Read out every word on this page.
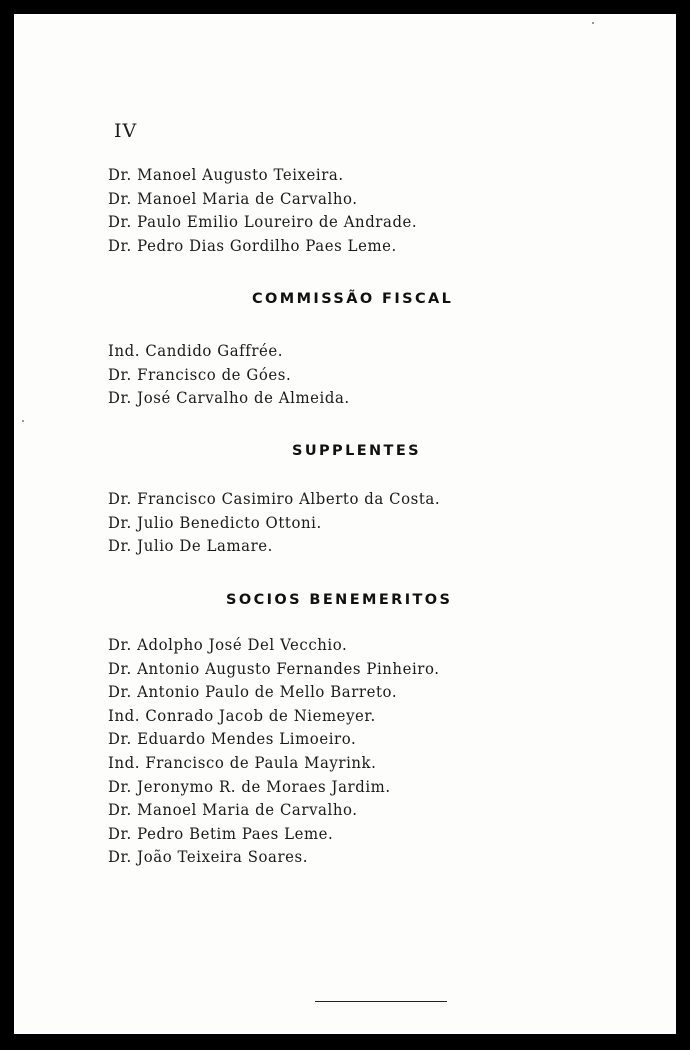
IV
Dr. Manoel Augusto Teixeira.
Dr. Manoel Maria de Carvalho.
Dr. Paulo Emilio Loureiro de Andrade.
Dr. Pedro Dias Gordilho Paes Leme.
COMMISSÃO FISCAL
Ind. Candido Gaffrée.
Dr. Francisco de Góes.
Dr. José Carvalho de Almeida.
SUPPLENTES
Dr. Francisco Casimiro Alberto da Costa.
Dr. Julio Benedicto Ottoni.
Dr. Julio De Lamare.
SOCIOS BENEMERITOS
Dr. Adolpho José Del Vecchio.
Dr. Antonio Augusto Fernandes Pinheiro.
Dr. Antonio Paulo de Mello Barreto.
Ind. Conrado Jacob de Niemeyer.
Dr. Eduardo Mendes Limoeiro.
Ind. Francisco de Paula Mayrink.
Dr. Jeronymo R. de Moraes Jardim.
Dr. Manoel Maria de Carvalho.
Dr. Pedro Betim Paes Leme.
Dr. João Teixeira Soares.
